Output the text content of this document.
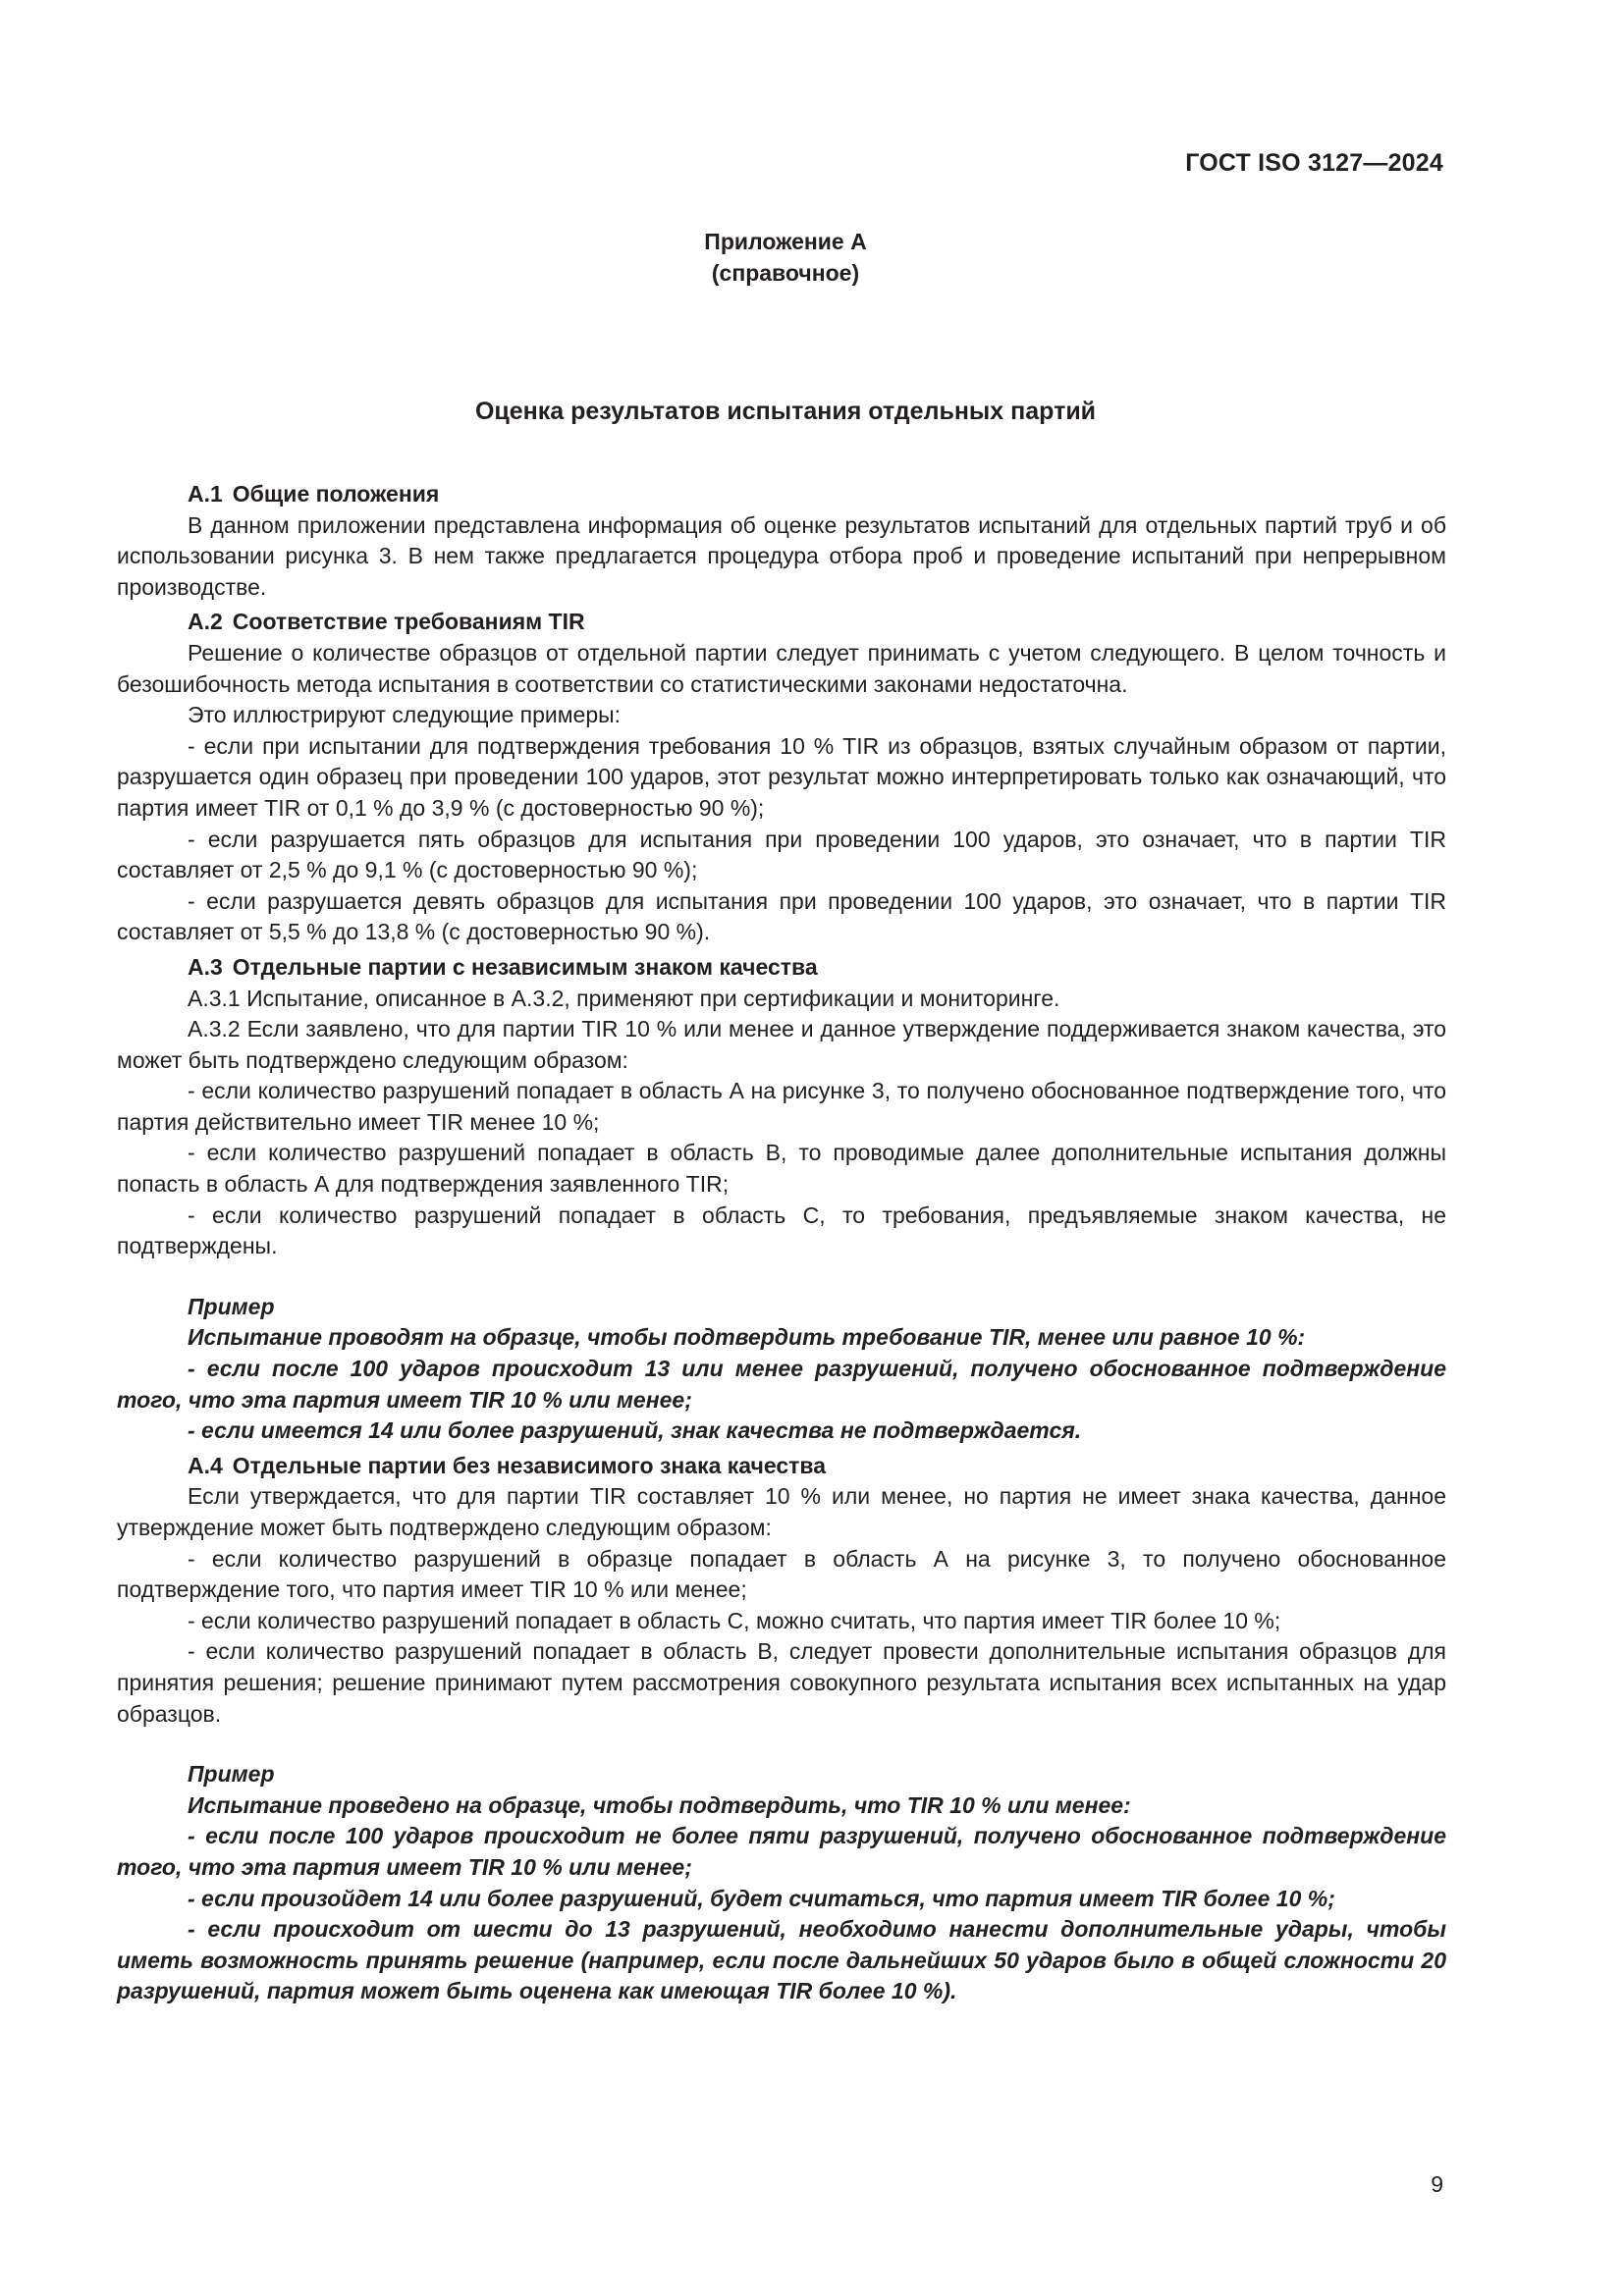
ГОСТ ISO 3127—2024
Приложение А
(справочное)
Оценка результатов испытания отдельных партий
А.1 Общие положения

В данном приложении представлена информация об оценке результатов испытаний для отдельных партий труб и об использовании рисунка 3. В нем также предлагается процедура отбора проб и проведение испытаний при непрерывном производстве.

А.2 Соответствие требованиям TIR

Решение о количестве образцов от отдельной партии следует принимать с учетом следующего. В целом точность и безошибочность метода испытания в соответствии со статистическими законами недостаточна.

Это иллюстрируют следующие примеры:

- если при испытании для подтверждения требования 10 % TIR из образцов, взятых случайным образом от партии, разрушается один образец при проведении 100 ударов, этот результат можно интерпретировать только как означающий, что партия имеет TIR от 0,1 % до 3,9 % (с достоверностью 90 %);

- если разрушается пять образцов для испытания при проведении 100 ударов, это означает, что в партии TIR составляет от 2,5 % до 9,1 % (с достоверностью 90 %);

- если разрушается девять образцов для испытания при проведении 100 ударов, это означает, что в партии TIR составляет от 5,5 % до 13,8 % (с достоверностью 90 %).

А.3 Отдельные партии с независимым знаком качества

А.3.1 Испытание, описанное в А.3.2, применяют при сертификации и мониторинге.

А.3.2 Если заявлено, что для партии TIR 10 % или менее и данное утверждение поддерживается знаком качества, это может быть подтверждено следующим образом:

- если количество разрушений попадает в область А на рисунке 3, то получено обоснованное подтверждение того, что партия действительно имеет TIR менее 10 %;

- если количество разрушений попадает в область В, то проводимые далее дополнительные испытания должны попасть в область А для подтверждения заявленного TIR;

- если количество разрушений попадает в область С, то требования, предъявляемые знаком качества, не подтверждены.

Пример

Испытание проводят на образце, чтобы подтвердить требование TIR, менее или равное 10 %:

- если после 100 ударов происходит 13 или менее разрушений, получено обоснованное подтверждение того, что эта партия имеет TIR 10 % или менее;

- если имеется 14 или более разрушений, знак качества не подтверждается.

А.4 Отдельные партии без независимого знака качества

Если утверждается, что для партии TIR составляет 10 % или менее, но партия не имеет знака качества, данное утверждение может быть подтверждено следующим образом:

- если количество разрушений в образце попадает в область А на рисунке 3, то получено обоснованное подтверждение того, что партия имеет TIR 10 % или менее;

- если количество разрушений попадает в область С, можно считать, что партия имеет TIR более 10 %;

- если количество разрушений попадает в область В, следует провести дополнительные испытания образцов для принятия решения; решение принимают путем рассмотрения совокупного результата испытания всех испытанных на удар образцов.

Пример

Испытание проведено на образце, чтобы подтвердить, что TIR 10 % или менее:

- если после 100 ударов происходит не более пяти разрушений, получено обоснованное подтверждение того, что эта партия имеет TIR 10 % или менее;

- если произойдет 14 или более разрушений, будет считаться, что партия имеет TIR более 10 %;

- если происходит от шести до 13 разрушений, необходимо нанести дополнительные удары, чтобы иметь возможность принять решение (например, если после дальнейших 50 ударов было в общей сложности 20 разрушений, партия может быть оценена как имеющая TIR более 10 %).

9
